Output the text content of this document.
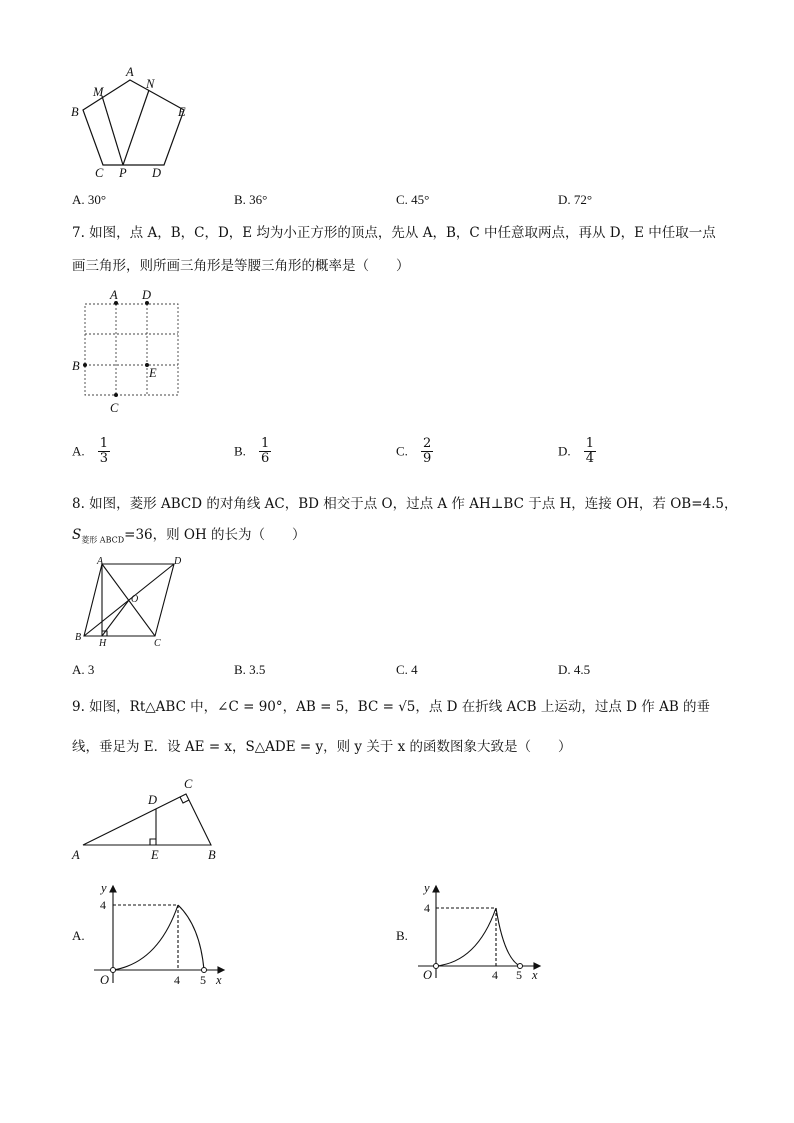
A
N
M
B	E
C P D
A. 30°	B. 36°	C. 45°	D. 72°
7. 如图，点 A，B，C，D，E 均为小正方形的顶点，先从 A，B，C 中任意取两点，再从 D，E 中任取一点
画三角形，则所画三角形是等腰三角形的概率是（　　）
A D
B	E
C
A. $\frac{1}{3}$	B. $\frac{1}{6}$	C. $\frac{2}{9}$	D. $\frac{1}{4}$
8. 如图，菱形 ABCD 的对角线 AC，BD 相交于点 O，过点 A 作 AH⊥BC 于点 H，连接 OH，若 OB=4.5，
$S_{菱形 ABCD}=36$，则 OH 的长为（　　）
A	D
O
B
H	C
A. 3	B. 3.5	C. 4	D. 4.5
9. 如图，Rt△ABC 中，∠C = 90°，AB = 5，BC = √5，点 D 在折线 ACB 上运动，过点 D 作 AB 的垂
线，垂足为 E．设 AE = x，S△ADE = y，则 y 关于 x 的函数图象大致是（　　）
C
D
A	E	B
A.
y
4
O	4 5 x
B.
y
4
O	4 5 x
